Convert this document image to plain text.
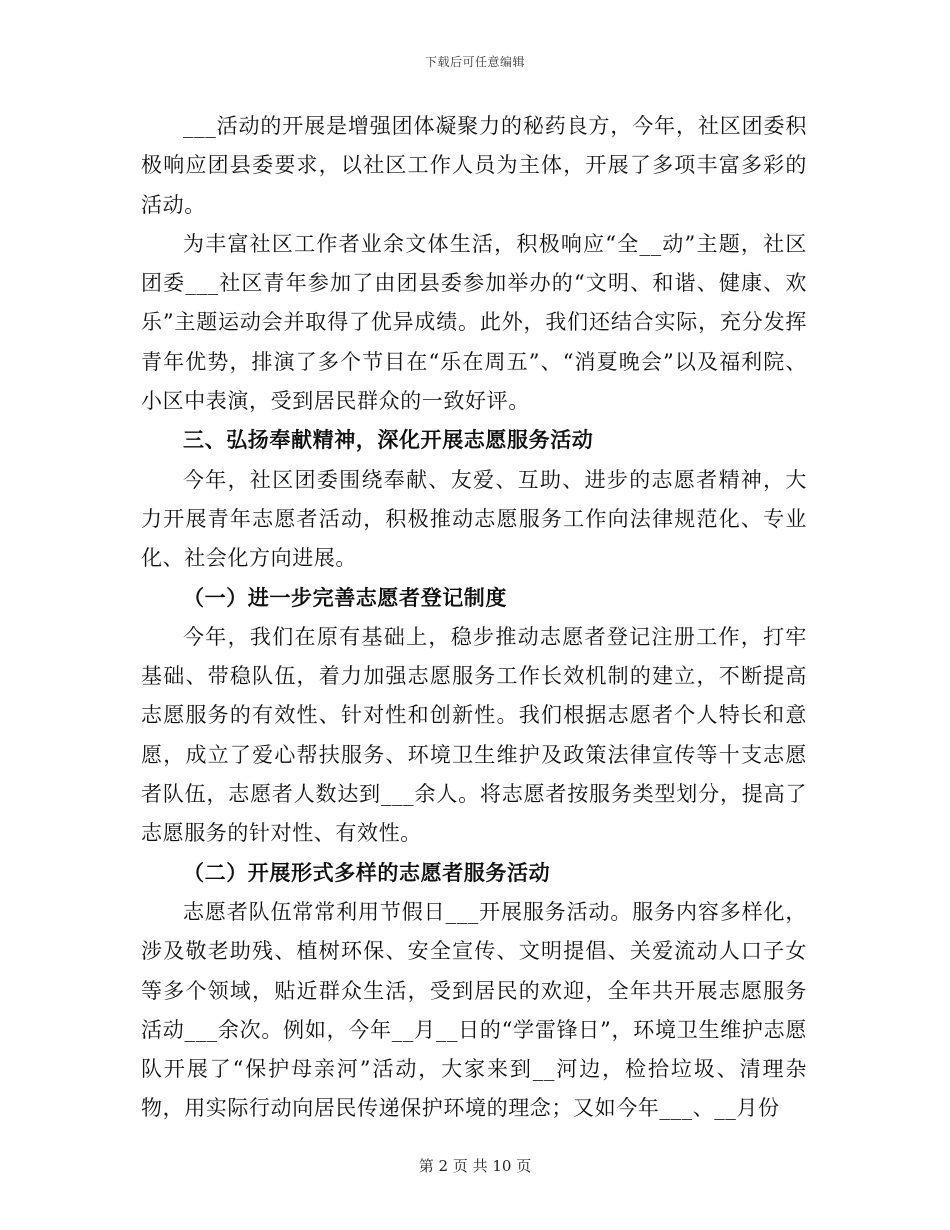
下载后可任意编辑

___活动的开展是增强团体凝聚力的秘药良方，今年，社区团委积极响应团县委要求，以社区工作人员为主体，开展了多项丰富多彩的活动。

为丰富社区工作者业余文体生活，积极响应“全__动”主题，社区团委___社区青年参加了由团县委参加举办的“文明、和谐、健康、欢乐”主题运动会并取得了优异成绩。此外，我们还结合实际，充分发挥青年优势，排演了多个节目在“乐在周五”、“消夏晚会”以及福利院、小区中表演，受到居民群众的一致好评。

三、弘扬奉献精神，深化开展志愿服务活动

今年，社区团委围绕奉献、友爱、互助、进步的志愿者精神，大力开展青年志愿者活动，积极推动志愿服务工作向法律规范化、专业化、社会化方向进展。

（一）进一步完善志愿者登记制度

今年，我们在原有基础上，稳步推动志愿者登记注册工作，打牢基础、带稳队伍，着力加强志愿服务工作长效机制的建立，不断提高志愿服务的有效性、针对性和创新性。我们根据志愿者个人特长和意愿，成立了爱心帮扶服务、环境卫生维护及政策法律宣传等十支志愿者队伍，志愿者人数达到___余人。将志愿者按服务类型划分，提高了志愿服务的针对性、有效性。

（二）开展形式多样的志愿者服务活动

志愿者队伍常常利用节假日___开展服务活动。服务内容多样化，涉及敬老助残、植树环保、安全宣传、文明提倡、关爱流动人口子女等多个领域，贴近群众生活，受到居民的欢迎，全年共开展志愿服务活动___余次。例如，今年__月__日的“学雷锋日”，环境卫生维护志愿队开展了“保护母亲河”活动，大家来到__河边，检拾垃圾、清理杂物，用实际行动向居民传递保护环境的理念；又如今年___、__月份

第 2 页 共 10 页
